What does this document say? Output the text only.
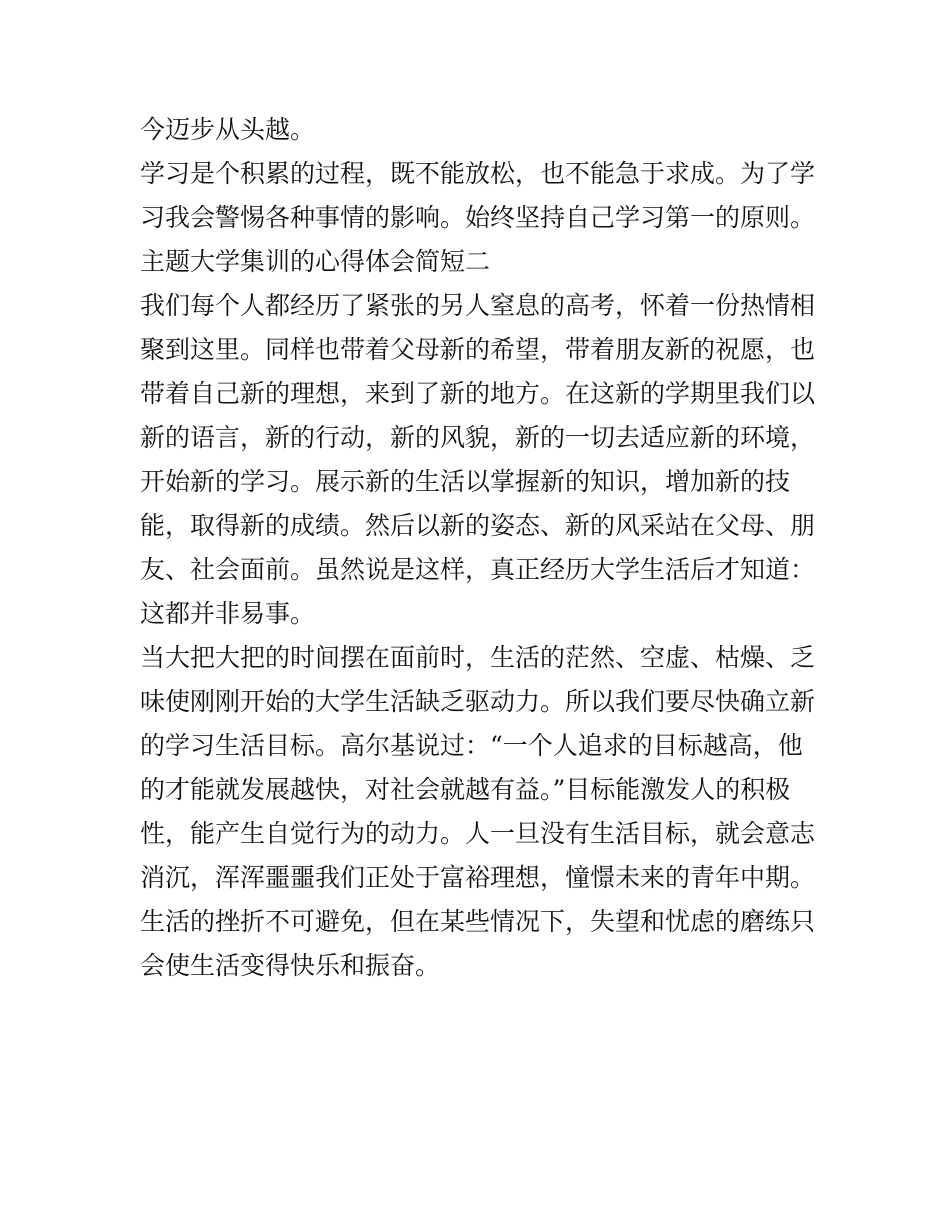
今迈步从头越。
学习是个积累的过程，既不能放松，也不能急于求成。为了学
习我会警惕各种事情的影响。始终坚持自己学习第一的原则。
主题大学集训的心得体会简短二
我们每个人都经历了紧张的另人窒息的高考，怀着一份热情相
聚到这里。同样也带着父母新的希望，带着朋友新的祝愿，也
带着自己新的理想，来到了新的地方。在这新的学期里我们以
新的语言，新的行动，新的风貌，新的一切去适应新的环境，
开始新的学习。展示新的生活以掌握新的知识，增加新的技
能，取得新的成绩。然后以新的姿态、新的风采站在父母、朋
友、社会面前。虽然说是这样，真正经历大学生活后才知道：
这都并非易事。
当大把大把的时间摆在面前时，生活的茫然、空虚、枯燥、乏
味使刚刚开始的大学生活缺乏驱动力。所以我们要尽快确立新
的学习生活目标。高尔基说过：“一个人追求的目标越高，他
的才能就发展越快，对社会就越有益。”目标能激发人的积极
性，能产生自觉行为的动力。人一旦没有生活目标，就会意志
消沉，浑浑噩噩我们正处于富裕理想，憧憬未来的青年中期。
生活的挫折不可避免，但在某些情况下，失望和忧虑的磨练只
会使生活变得快乐和振奋。
